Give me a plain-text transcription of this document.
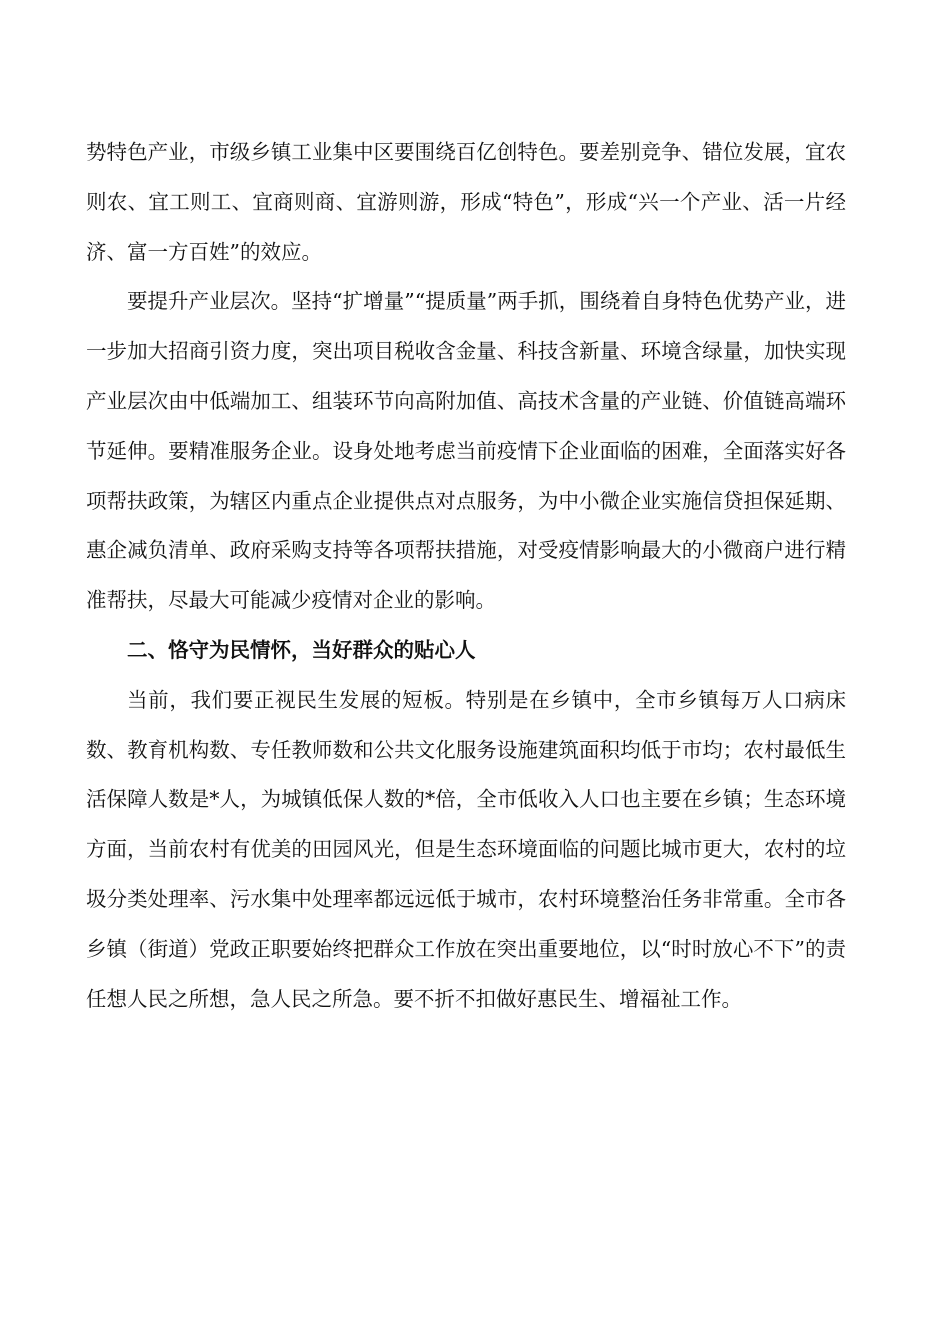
势特色产业，市级乡镇工业集中区要围绕百亿创特色。要差别竞争、错位发展，宜农则农、宜工则工、宜商则商、宜游则游，形成“特色”，形成“兴一个产业、活一片经济、富一方百姓”的效应。

要提升产业层次。坚持“扩增量”“提质量”两手抓，围绕着自身特色优势产业，进一步加大招商引资力度，突出项目税收含金量、科技含新量、环境含绿量，加快实现产业层次由中低端加工、组装环节向高附加值、高技术含量的产业链、价值链高端环节延伸。要精准服务企业。设身处地考虑当前疫情下企业面临的困难，全面落实好各项帮扶政策，为辖区内重点企业提供点对点服务，为中小微企业实施信贷担保延期、惠企减负清单、政府采购支持等各项帮扶措施，对受疫情影响最大的小微商户进行精准帮扶，尽最大可能减少疫情对企业的影响。

二、恪守为民情怀，当好群众的贴心人

当前，我们要正视民生发展的短板。特别是在乡镇中，全市乡镇每万人口病床数、教育机构数、专任教师数和公共文化服务设施建筑面积均低于市均；农村最低生活保障人数是*人，为城镇低保人数的*倍，全市低收入人口也主要在乡镇；生态环境方面，当前农村有优美的田园风光，但是生态环境面临的问题比城市更大，农村的垃圾分类处理率、污水集中处理率都远远低于城市，农村环境整治任务非常重。全市各乡镇（街道）党政正职要始终把群众工作放在突出重要地位，以“时时放心不下”的责任想人民之所想，急人民之所急。要不折不扣做好惠民生、增福祉工作。
